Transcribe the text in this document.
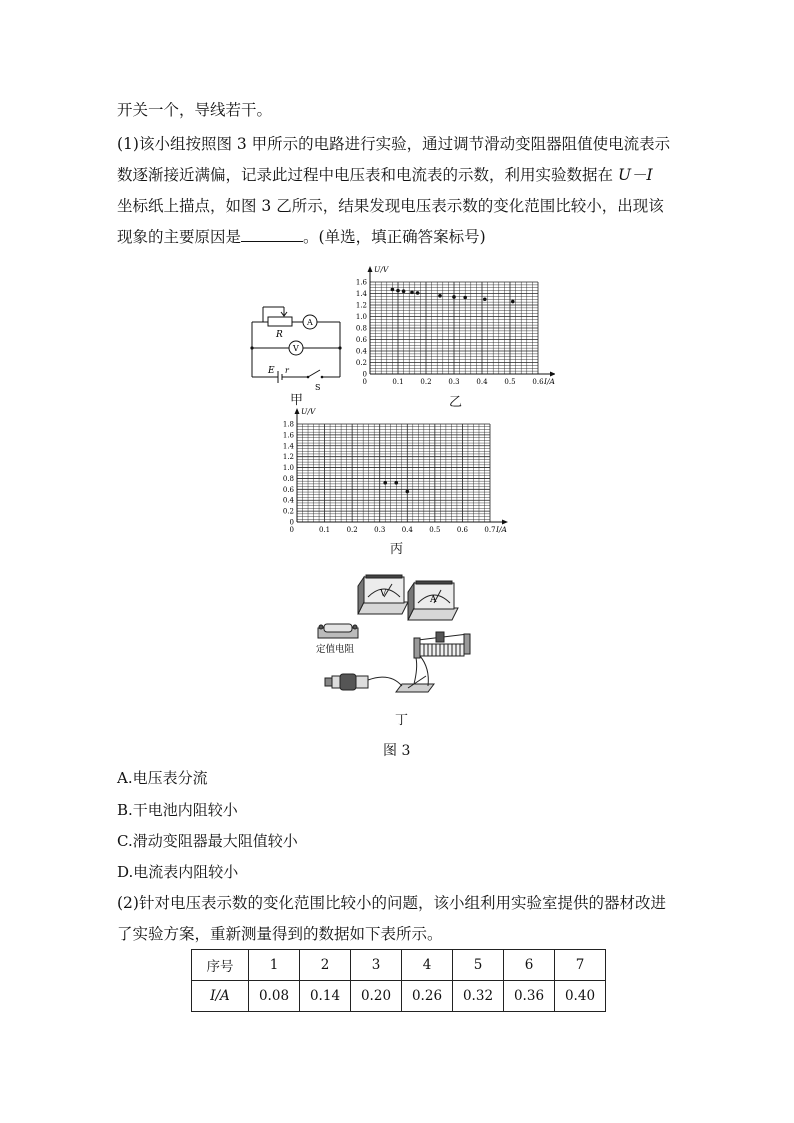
开关一个，导线若干。
(1)该小组按照图 3 甲所示的电路进行实验，通过调节滑动变阻器阻值使电流表示
数逐渐接近满偏，记录此过程中电压表和电流表的示数，利用实验数据在 U－I
坐标纸上描点，如图 3 乙所示，结果发现电压表示数的变化范围比较小，出现该
现象的主要原因是	。(单选，填正确答案标号)
R
A
V
E r
S
甲
0.1 0.2 0.3 0.4 0.5 0.6
0
0.2
0.4
0.6
0.8
1.0
1.2
1.4
1.6
0	I/A
U/V
乙
0.1 0.2 0.3 0.4 0.5 0.6 0.7
0
0.2
0.4
0.6
0.8
1.0
1.2
1.4
1.6
1.8
0	I/A
U/V
丙
V
A
定值电阻
丁
图 3
A.电压表分流
B.干电池内阻较小
C.滑动变阻器最大阻值较小
D.电流表内阻较小
(2)针对电压表示数的变化范围比较小的问题，该小组利用实验室提供的器材改进
了实验方案，重新测量得到的数据如下表所示。
序号	1	2	3	4	5	6	7
I/A	0.08	0.14	0.20	0.26	0.32	0.36	0.40
